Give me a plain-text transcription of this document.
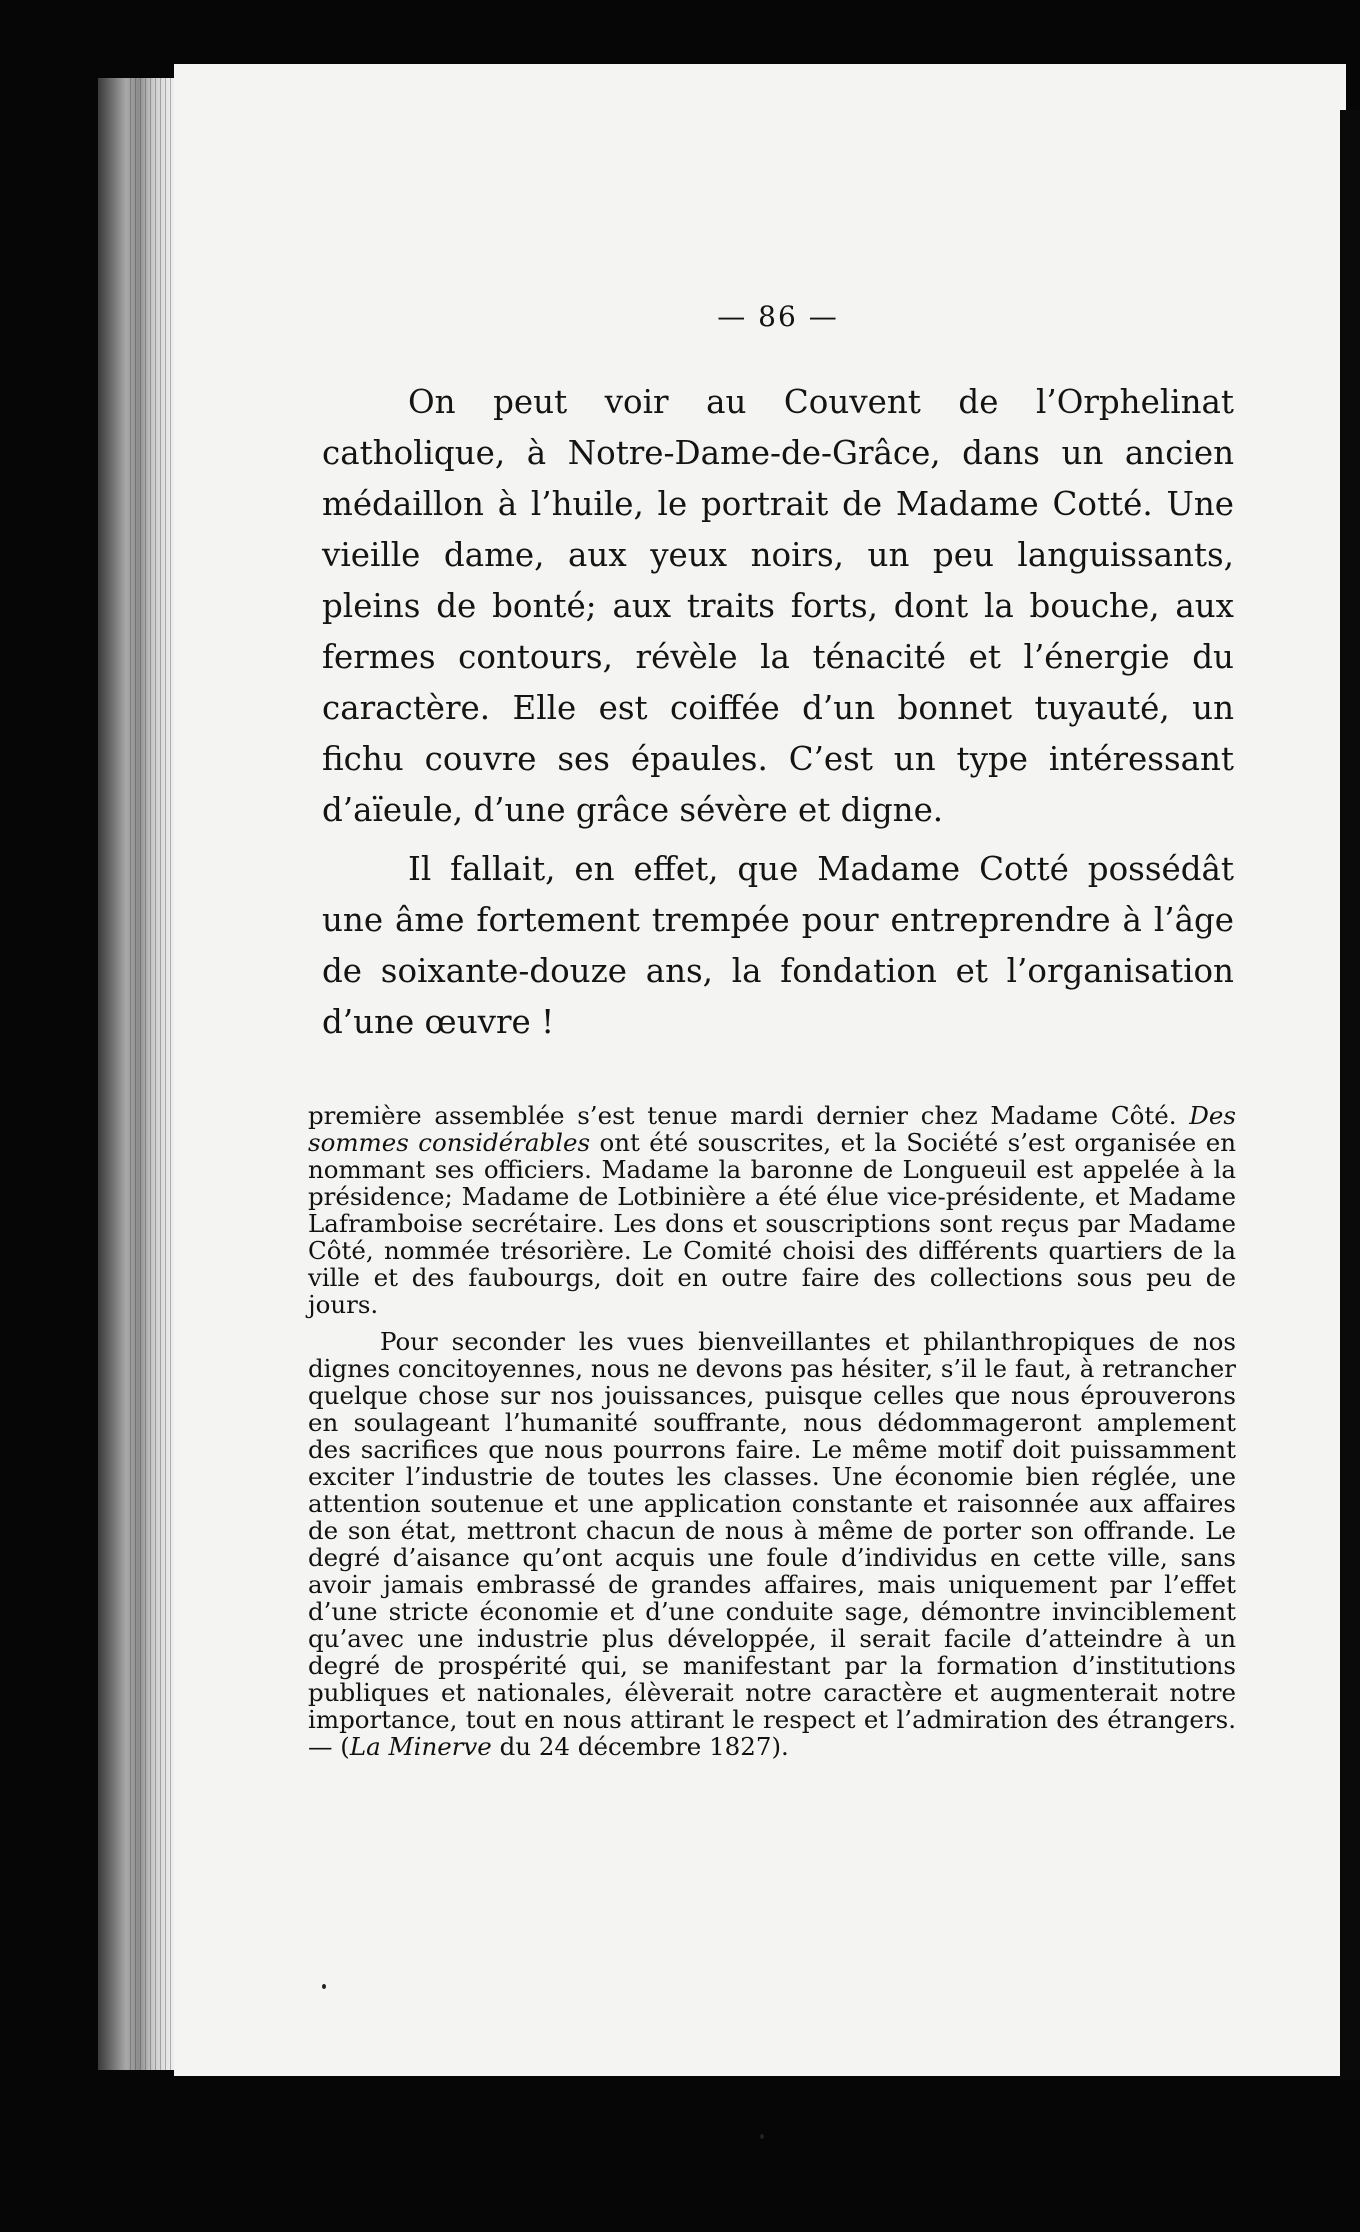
— 86 —

On peut voir au Couvent de l’Orphelinat catholique, à Notre-Dame-de-Grâce, dans un ancien médaillon à l’huile, le portrait de Madame Cotté. Une vieille dame, aux yeux noirs, un peu languissants, pleins de bonté; aux traits forts, dont la bouche, aux fermes contours, révèle la ténacité et l’énergie du caractère. Elle est coiffée d’un bonnet tuyauté, un fichu couvre ses épaules. C’est un type intéressant d’aïeule, d’une grâce sévère et digne.

Il fallait, en effet, que Madame Cotté possédât une âme fortement trempée pour entreprendre à l’âge de soixante-douze ans, la fondation et l’organisation d’une œuvre !

première assemblée s’est tenue mardi dernier chez Madame Côté. Des sommes considérables ont été souscrites, et la Société s’est organisée en nommant ses officiers. Madame la baronne de Longueuil est appelée à la présidence; Madame de Lotbinière a été élue vice-présidente, et Madame Laframboise secrétaire. Les dons et souscriptions sont reçus par Madame Côté, nommée trésorière. Le Comité choisi des différents quartiers de la ville et des faubourgs, doit en outre faire des collections sous peu de jours.

Pour seconder les vues bienveillantes et philanthropiques de nos dignes concitoyennes, nous ne devons pas hésiter, s’il le faut, à retrancher quelque chose sur nos jouissances, puisque celles que nous éprouverons en soulageant l’humanité souffrante, nous dédommageront amplement des sacrifices que nous pourrons faire. Le même motif doit puissamment exciter l’industrie de toutes les classes. Une économie bien réglée, une attention soutenue et une application constante et raisonnée aux affaires de son état, mettront chacun de nous à même de porter son offrande. Le degré d’aisance qu’ont acquis une foule d’individus en cette ville, sans avoir jamais embrassé de grandes affaires, mais uniquement par l’effet d’une stricte économie et d’une conduite sage, démontre invinciblement qu’avec une industrie plus développée, il serait facile d’atteindre à un degré de prospérité qui, se manifestant par la formation d’institutions publiques et nationales, élèverait notre caractère et augmenterait notre importance, tout en nous attirant le respect et l’admiration des étrangers. — (La Minerve du 24 décembre 1827).
